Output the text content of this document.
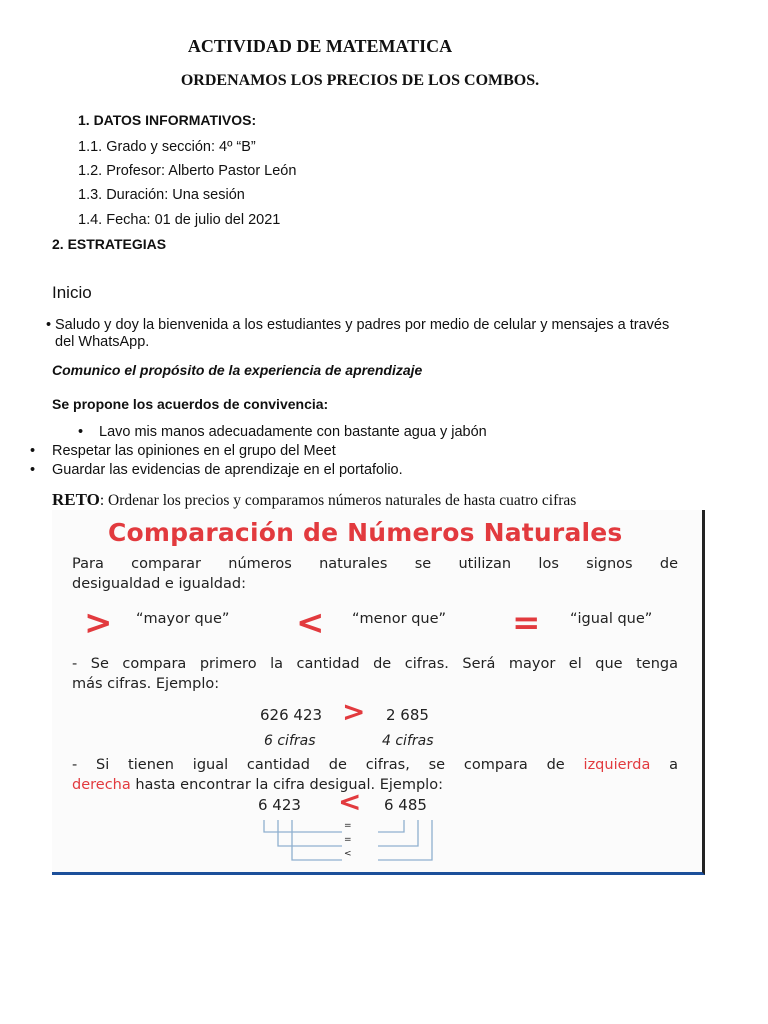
ACTIVIDAD DE MATEMATICA
ORDENAMOS LOS PRECIOS DE LOS COMBOS.
1. DATOS INFORMATIVOS:
1.1. Grado y sección: 4º “B”
1.2. Profesor: Alberto Pastor León
1.3. Duración: Una sesión
1.4. Fecha: 01 de julio del 2021
2. ESTRATEGIAS
Inicio
• Saludo y doy la bienvenida a los estudiantes y padres por medio de celular y mensajes a través
del WhatsApp.
Comunico el propósito de la experiencia de aprendizaje
Se propone los acuerdos de convivencia:
• Lavo mis manos adecuadamente con bastante agua y jabón
• Respetar las opiniones en el grupo del Meet
• Guardar las evidencias de aprendizaje en el portafolio.
RETO: Ordenar los precios y comparamos números naturales de hasta cuatro cifras
Comparación de Números Naturales
Para comparar números naturales se utilizan los signos de
desigualdad e igualdad:
> “mayor que” < “menor que” = “igual que”
- Se compara primero la cantidad de cifras. Será mayor el que tenga
más cifras. Ejemplo:
626 423 > 2 685
6 cifras	4 cifras
- Si tienen igual cantidad de cifras, se compara de izquierda a
derecha hasta encontrar la cifra desigual. Ejemplo:
6 423 < 6 485
=
=
<
